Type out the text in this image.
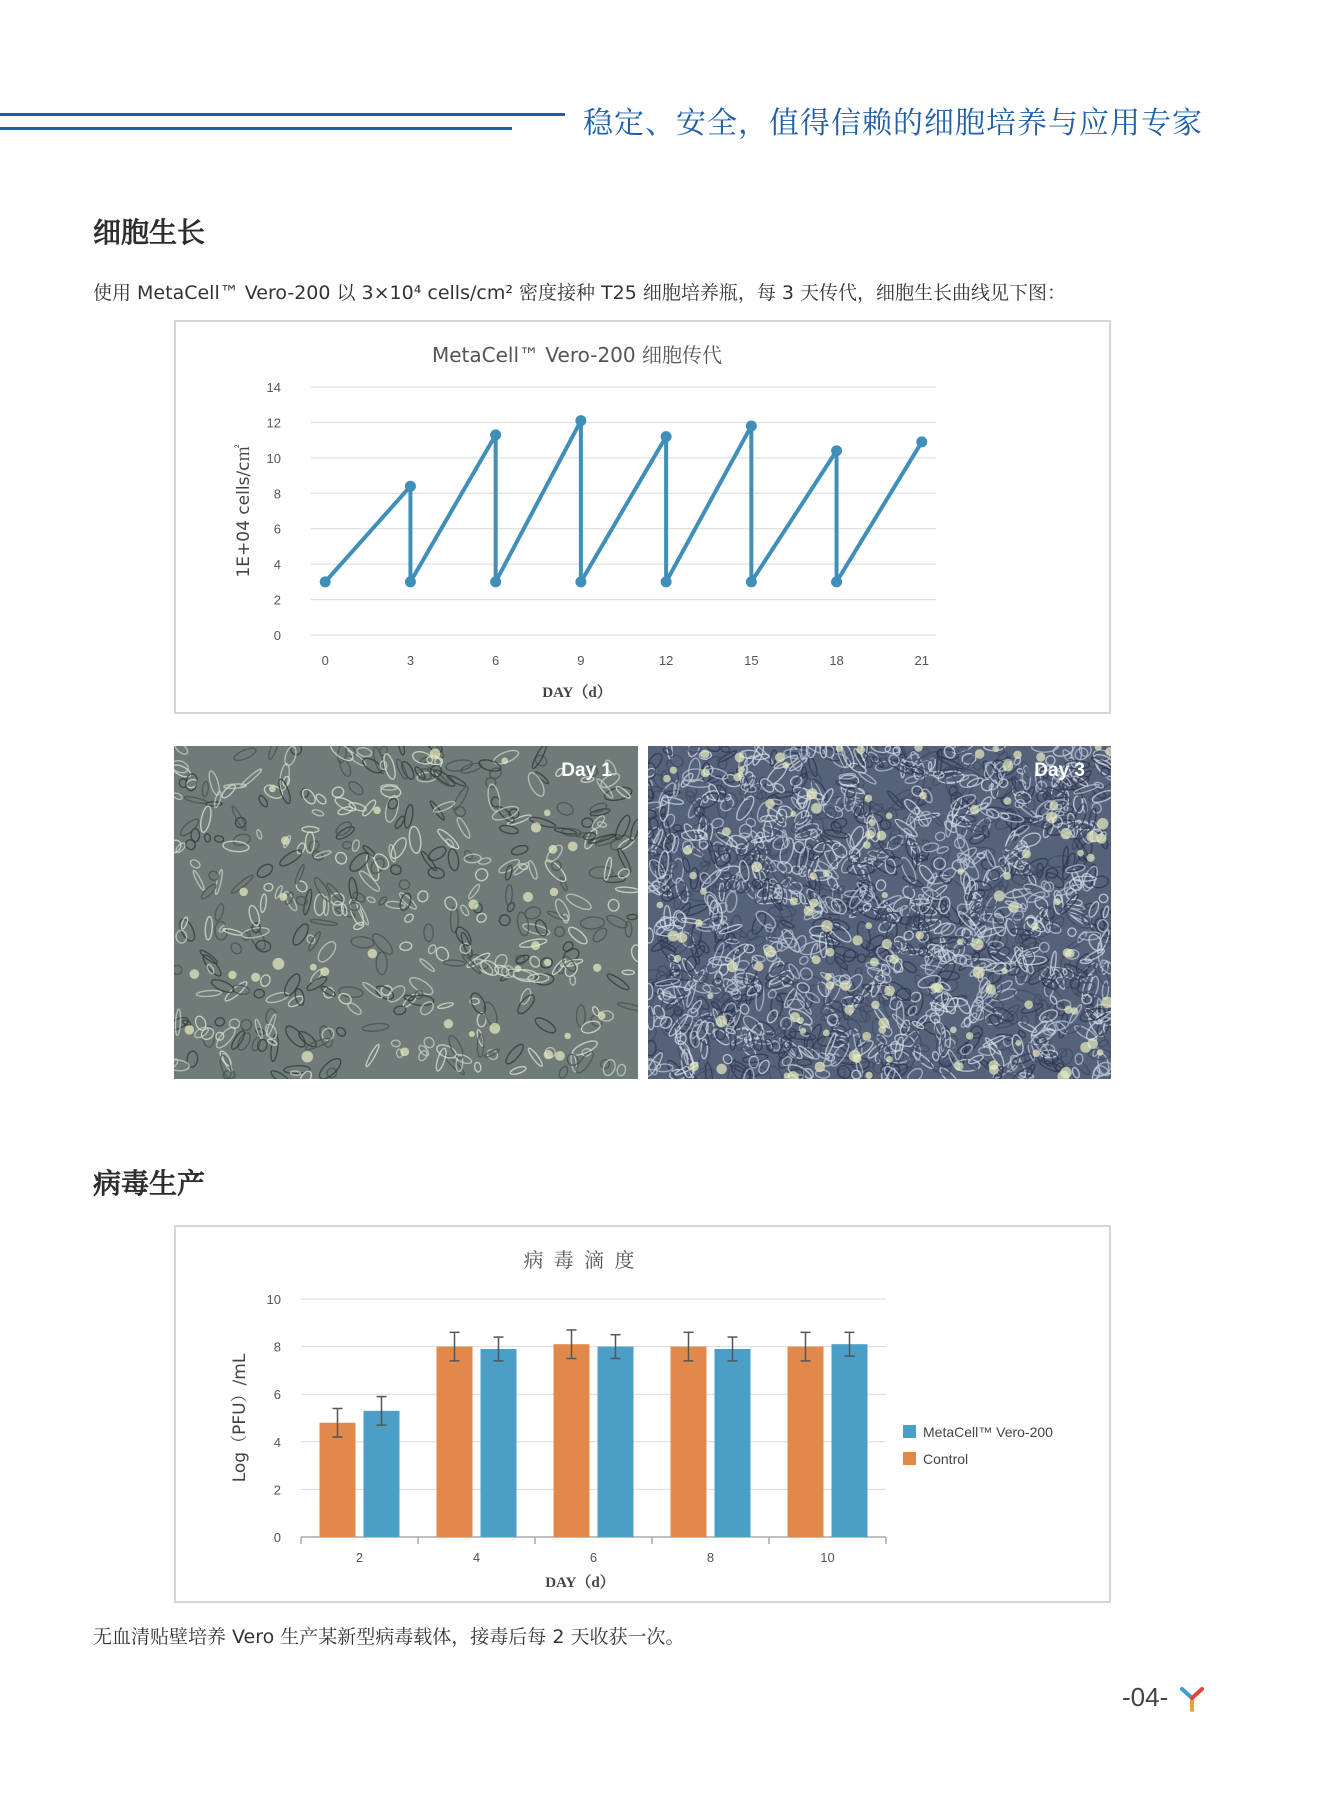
稳定、安全，值得信赖的细胞培养与应用专家
细胞生长
使用 MetaCell™ Vero-200 以 3×10⁴ cells/cm² 密度接种 T25 细胞培养瓶，每 3 天传代，细胞生长曲线见下图：
MetaCell™ Vero-200 细胞传代
0
2
4
6
8
10
12
14
0	3	6	9	12	15	18	21
DAY（d）
1E+04 cells/c㎡
Day 1	Day 3
病毒生产
病 毒 滴 度
0
2
4
6
8
10
2	4	6	8	10
DAY（d）
Log（PFU）/mL	MetaCell™ Vero-200
Control
无血清贴壁培养 Vero 生产某新型病毒载体，接毒后每 2 天收获一次。
-04-
